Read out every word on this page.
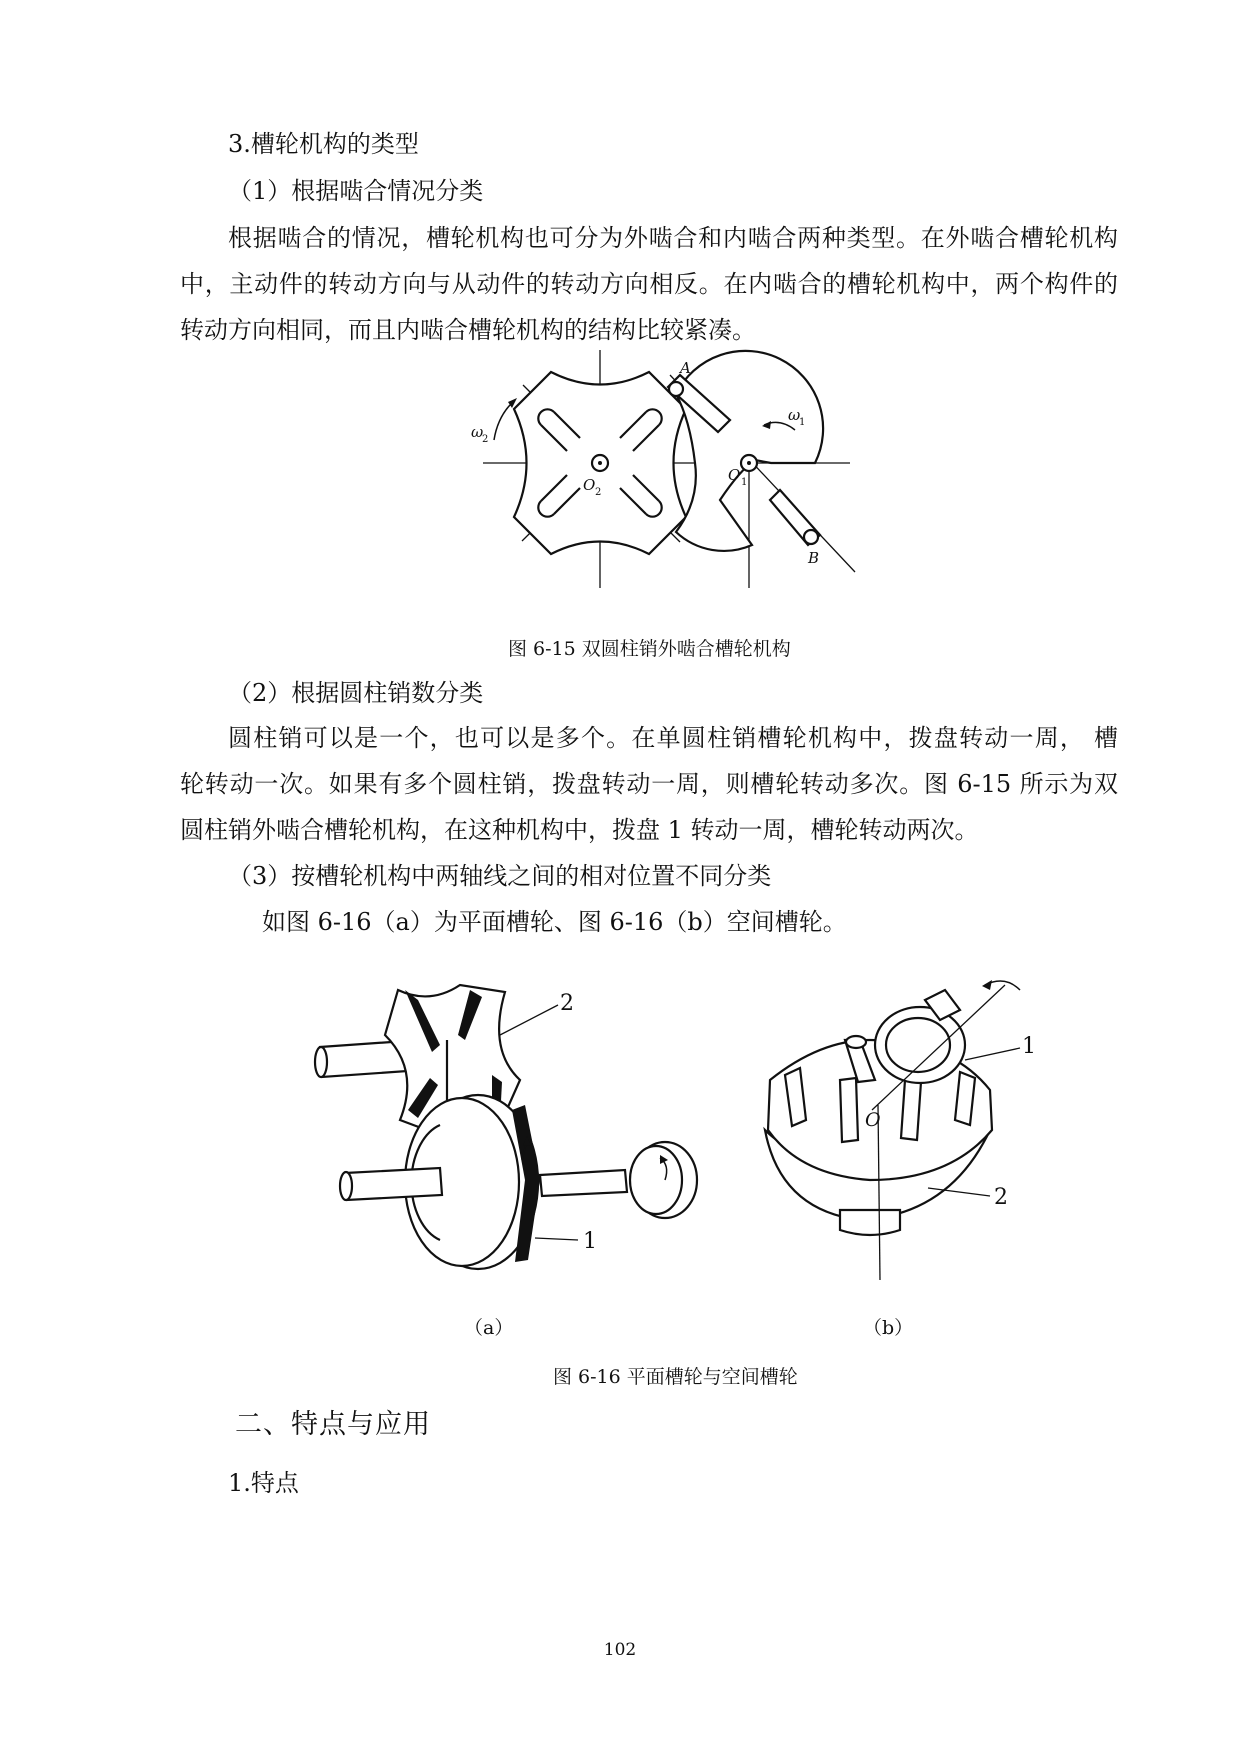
3.槽轮机构的类型
（1）根据啮合情况分类
根据啮合的情况，槽轮机构也可分为外啮合和内啮合两种类型。在外啮合槽轮机构
中，主动件的转动方向与从动件的转动方向相反。在内啮合的槽轮机构中，两个构件的
转动方向相同，而且内啮合槽轮机构的结构比较紧凑。
A
B
O 1
O 2
ω
1
ω
2
图 6-15 双圆柱销外啮合槽轮机构
（2）根据圆柱销数分类
圆柱销可以是一个，也可以是多个。在单圆柱销槽轮机构中，拨盘转动一周， 槽
轮转动一次。如果有多个圆柱销，拨盘转动一周，则槽轮转动多次。图 6-15 所示为双
圆柱销外啮合槽轮机构，在这种机构中，拨盘 1 转动一周，槽轮转动两次。
（3）按槽轮机构中两轴线之间的相对位置不同分类
如图 6-16（a）为平面槽轮、图 6-16（b）空间槽轮。
2
1
1
2
O
（a）	（b）
图 6-16 平面槽轮与空间槽轮
二、特点与应用
1.特点
102
